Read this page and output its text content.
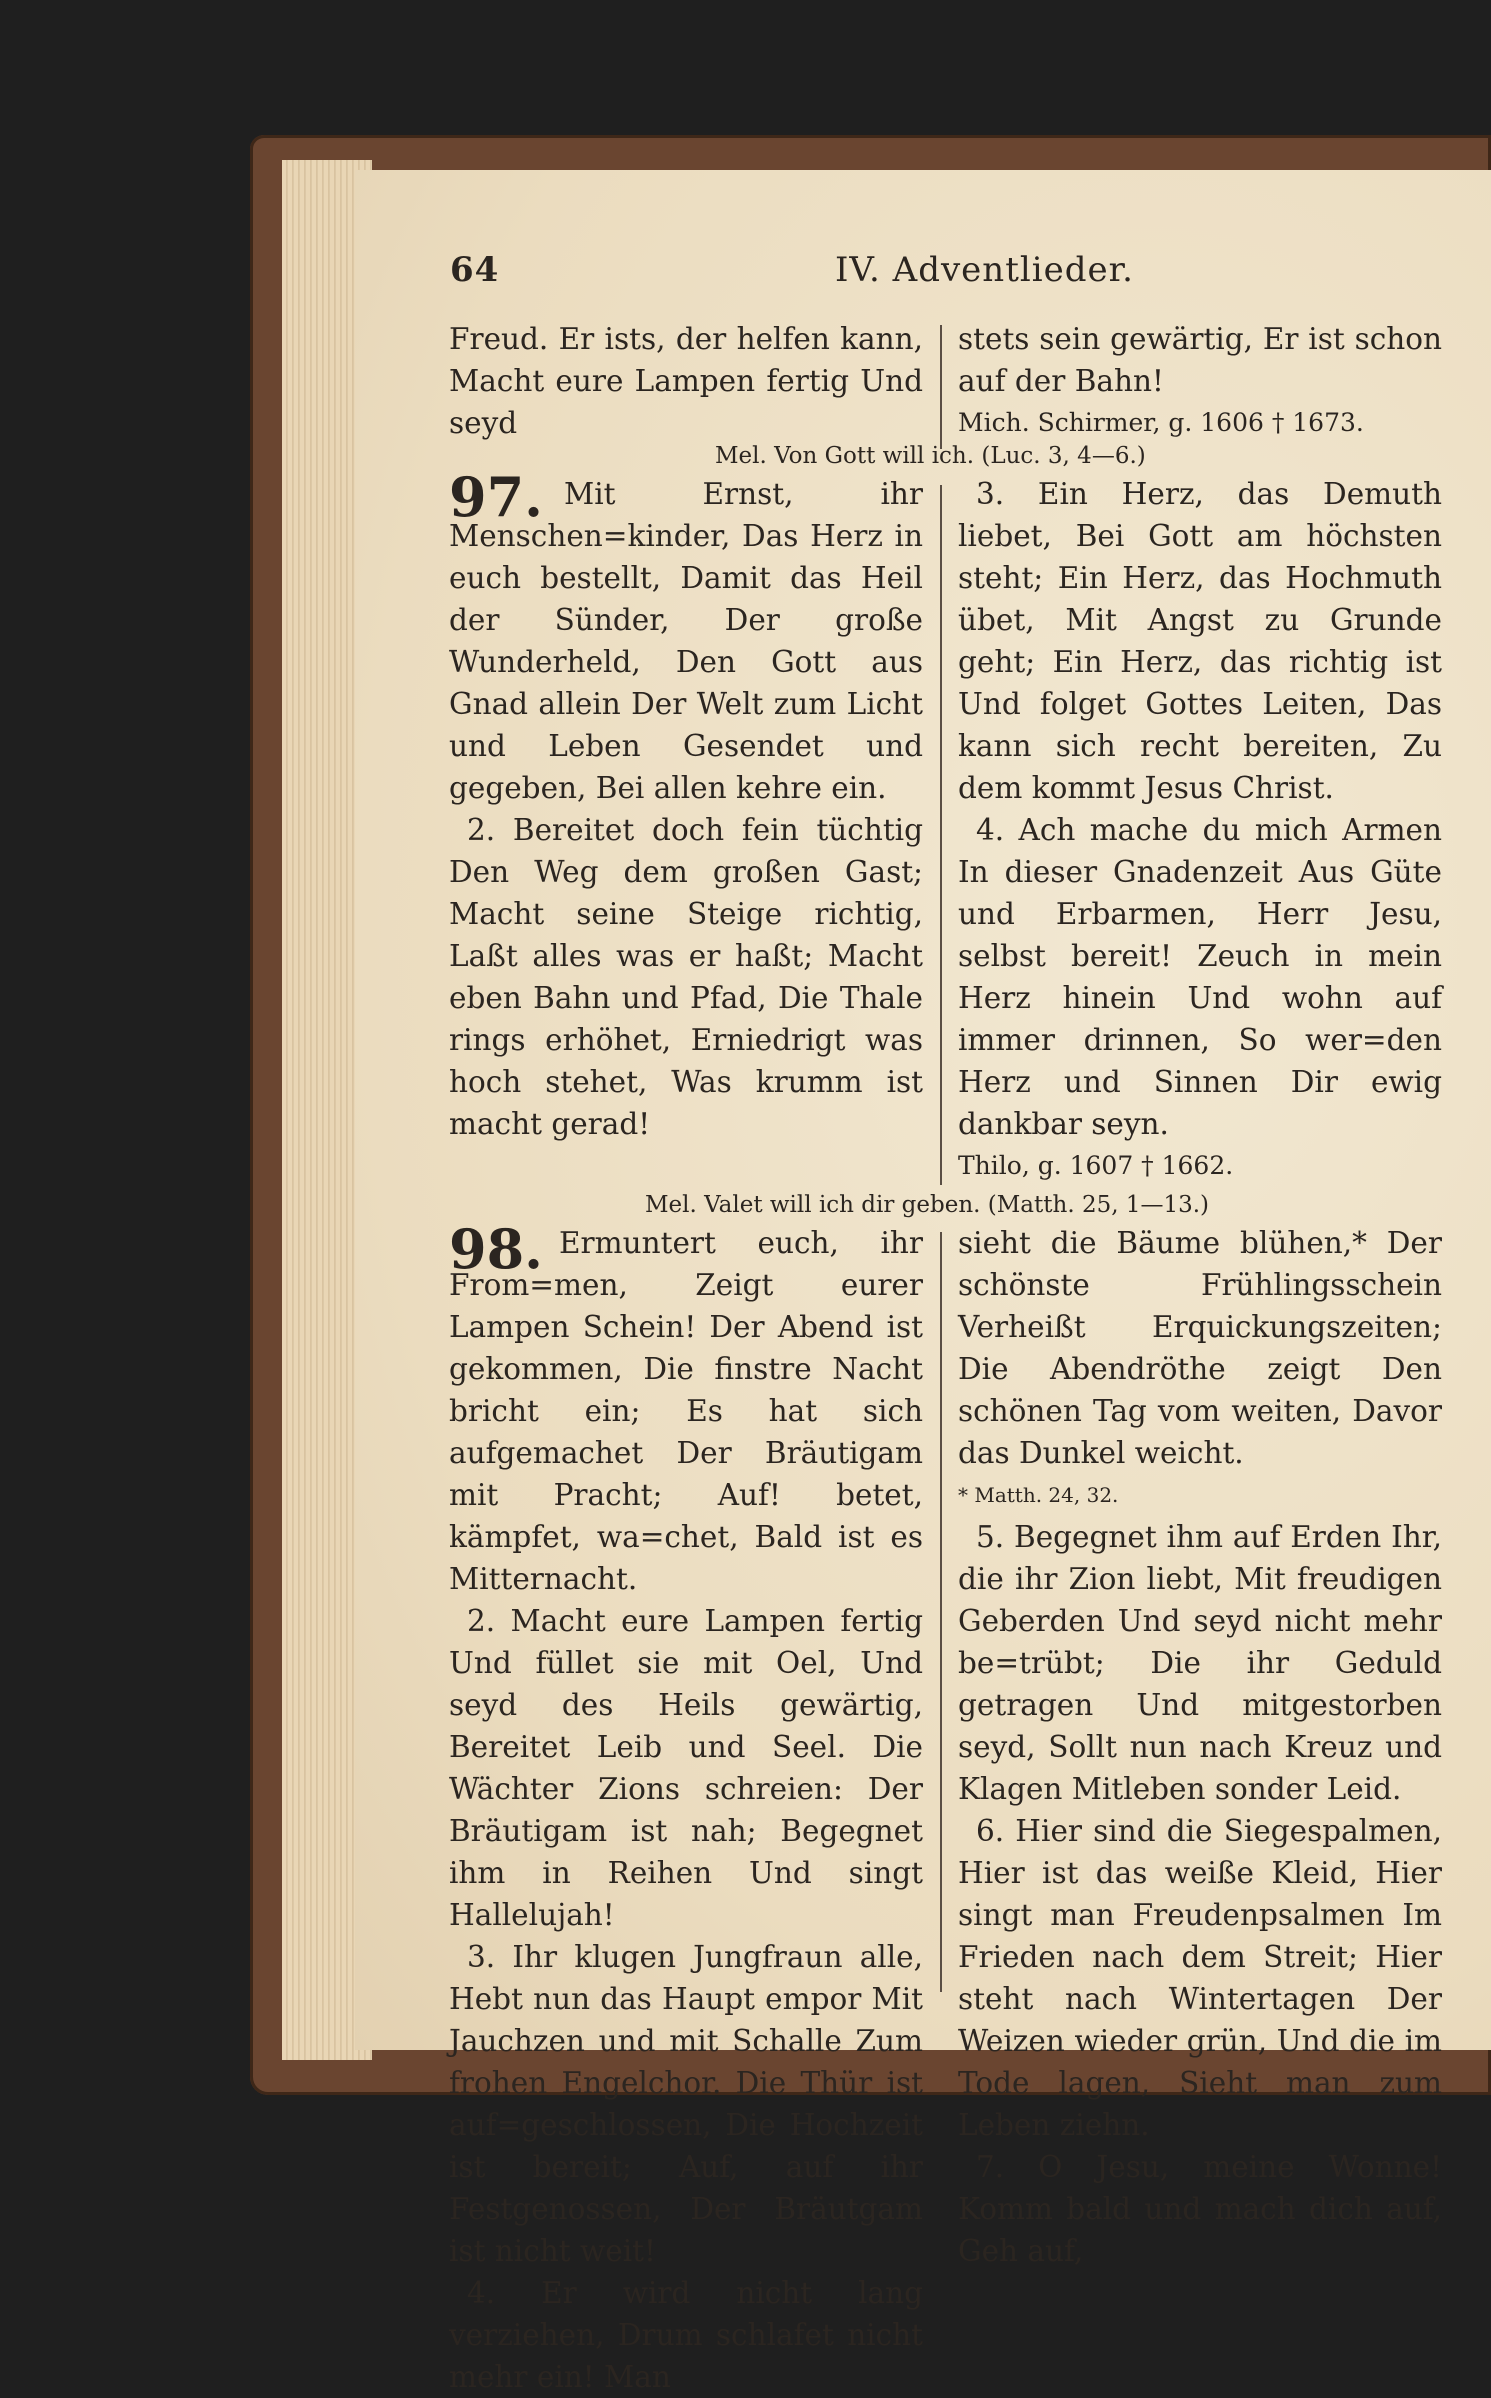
64	IV. Adventlieder.

Freud. Er ists, der helfen kann, Macht eure Lampen fertig Und seyd

stets sein gewärtig, Er ist schon auf der Bahn!

Mich. Schirmer, g. 1606 † 1673.

Mel. Von Gott will ich. (Luc. 3, 4—6.)
97. Mit Ernst, ihr Menschen=kinder, Das Herz in euch bestellt, Damit das Heil der Sünder, Der große Wunderheld, Den Gott aus Gnad allein Der Welt zum Licht und Leben Gesendet und gegeben, Bei allen kehre ein.

2. Bereitet doch fein tüchtig Den Weg dem großen Gast; Macht seine Steige richtig, Laßt alles was er haßt; Macht eben Bahn und Pfad, Die Thale rings erhöhet, Erniedrigt was hoch stehet, Was krumm ist macht gerad!

3. Ein Herz, das Demuth liebet, Bei Gott am höchsten steht; Ein Herz, das Hochmuth übet, Mit Angst zu Grunde geht; Ein Herz, das richtig ist Und folget Gottes Leiten, Das kann sich recht bereiten, Zu dem kommt Jesus Christ.

4. Ach mache du mich Armen In dieser Gnadenzeit Aus Güte und Erbarmen, Herr Jesu, selbst bereit! Zeuch in mein Herz hinein Und wohn auf immer drinnen, So wer=den Herz und Sinnen Dir ewig dankbar seyn.

Thilo, g. 1607 † 1662.

Mel. Valet will ich dir geben. (Matth. 25, 1—13.)
98. Ermuntert euch, ihr From=men, Zeigt eurer Lampen Schein! Der Abend ist gekommen, Die finstre Nacht bricht ein; Es hat sich aufgemachet Der Bräutigam mit Pracht; Auf! betet, kämpfet, wa=chet, Bald ist es Mitternacht.

2. Macht eure Lampen fertig Und füllet sie mit Oel, Und seyd des Heils gewärtig, Bereitet Leib und Seel. Die Wächter Zions schreien: Der Bräutigam ist nah; Begegnet ihm in Reihen Und singt Hallelujah!

3. Ihr klugen Jungfraun alle, Hebt nun das Haupt empor Mit Jauchzen und mit Schalle Zum frohen Engelchor. Die Thür ist auf=geschlossen, Die Hochzeit ist bereit; Auf, auf ihr Festgenossen, Der Bräutgam ist nicht weit!

4. Er wird nicht lang verziehen, Drum schlafet nicht mehr ein! Man

sieht die Bäume blühen,* Der schönste Frühlingsschein Verheißt Erquickungszeiten; Die Abendröthe zeigt Den schönen Tag vom weiten, Davor das Dunkel weicht.

* Matth. 24, 32.

5. Begegnet ihm auf Erden Ihr, die ihr Zion liebt, Mit freudigen Geberden Und seyd nicht mehr be=trübt; Die ihr Geduld getragen Und mitgestorben seyd, Sollt nun nach Kreuz und Klagen Mitleben sonder Leid.

6. Hier sind die Siegespalmen, Hier ist das weiße Kleid, Hier singt man Freudenpsalmen Im Frieden nach dem Streit; Hier steht nach Wintertagen Der Weizen wieder grün, Und die im Tode lagen, Sieht man zum Leben ziehn.

7. O Jesu, meine Wonne! Komm bald und mach dich auf, Geh auf,
